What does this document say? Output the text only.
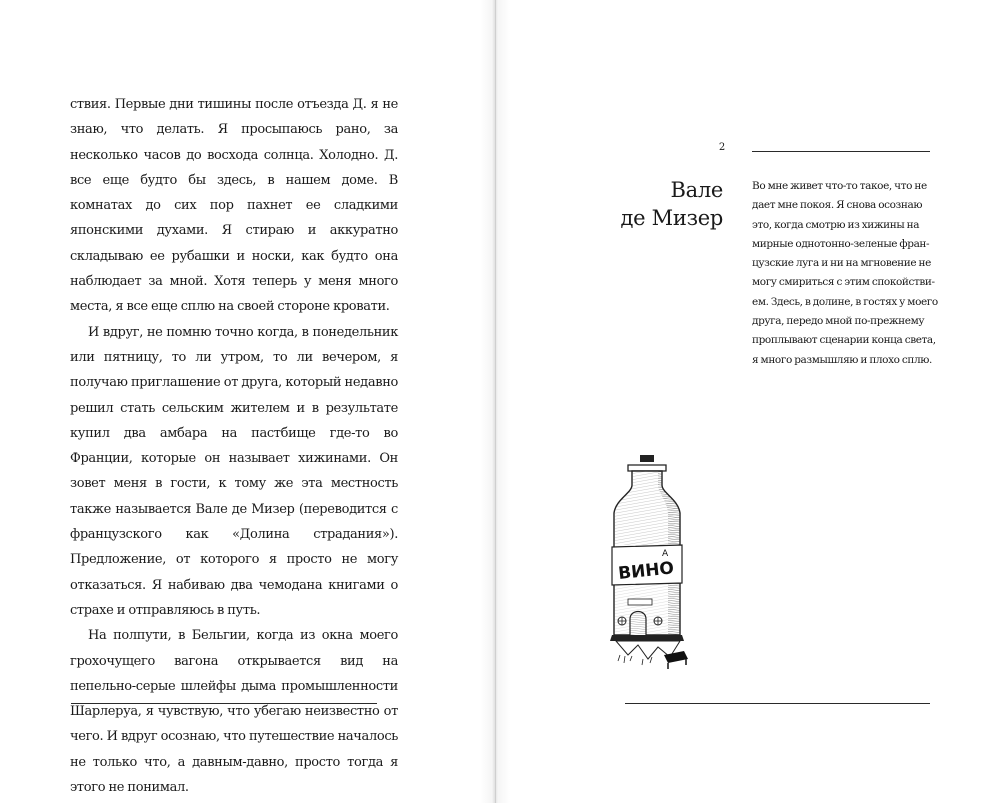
ствия. Первые дни тишины после отъезда Д. я не знаю, что делать. Я просыпаюсь рано, за несколько часов до восхода солнца. Холодно. Д. все еще будто бы здесь, в нашем доме. В комнатах до сих пор пахнет ее сладкими японскими духами. Я стираю и аккуратно складываю ее рубашки и носки, как будто она наблюдает за мной. Хотя теперь у меня много места, я все еще сплю на своей стороне кровати.

И вдруг, не помню точно когда, в понедельник или пятницу, то ли утром, то ли вечером, я получаю приглашение от друга, который недавно решил стать сельским жителем и в результате купил два амбара на пастбище где-то во Франции, которые он называет хижинами. Он зовет меня в гости, к тому же эта местность также называется Вале де Мизер (переводится с французского как «Долина страдания»). Предложение, от которого я просто не могу отказаться. Я набиваю два чемодана книгами о страхе и отправляюсь в путь.

На полпути, в Бельгии, когда из окна моего грохочущего вагона открывается вид на пепельно-серые шлейфы дыма промышленности Шарлеруа, я чувствую, что убегаю неизвестно от чего. И вдруг осознаю, что путешествие началось не только что, а давным-давно, просто тогда я этого не понимал.

2
Вале
де Мизер

Во мне живет что-то такое, что не
дает мне покоя. Я снова осознаю
это, когда смотрю из хижины на
мирные однотонно-зеленые фран-
цузские луга и ни на мгновение не
могу смириться с этим спокойстви-
ем. Здесь, в долине, в гостях у моего
друга, передо мной по-прежнему
проплывают сценарии конца света,
я много размышляю и плохо сплю.

ВИНО
А
